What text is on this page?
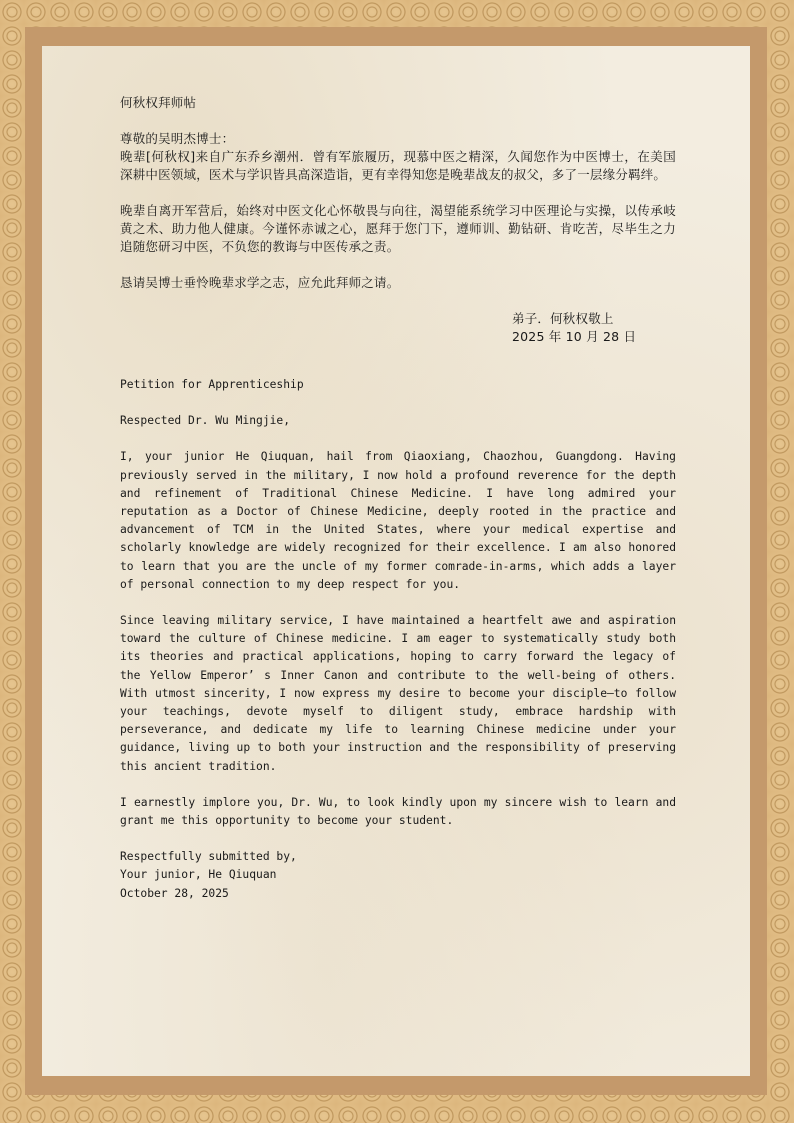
何秋权拜师帖

尊敬的吴明杰博士：

晚辈[何秋权]来自广东乔乡潮州．曾有军旅履历，现慕中医之精深，久闻您作为中医博士，在美国深耕中医领域，医术与学识皆具高深造诣，更有幸得知您是晚辈战友的叔父，多了一层缘分羁绊。

晚辈自离开军营后，始终对中医文化心怀敬畏与向往，渴望能系统学习中医理论与实操，以传承岐黄之术、助力他人健康。今谨怀赤诚之心，愿拜于您门下，遵师训、勤钻研、肯吃苦，尽毕生之力追随您研习中医，不负您的教诲与中医传承之责。

恳请吴博士垂怜晚辈求学之志，应允此拜师之请。

弟子．何秋权敬上

2025 年 10 月 28 日

Petition for Apprenticeship

Respected Dr. Wu Mingjie,

I, your junior He Qiuquan, hail from Qiaoxiang, Chaozhou, Guangdong. Having previously served in the military, I now hold a profound reverence for the depth and refinement of Traditional Chinese Medicine. I have long admired your reputation as a Doctor of Chinese Medicine, deeply rooted in the practice and advancement of TCM in the United States, where your medical expertise and scholarly knowledge are widely recognized for their excellence. I am also honored to learn that you are the uncle of my former comrade-in-arms, which adds a layer of personal connection to my deep respect for you.

Since leaving military service, I have maintained a heartfelt awe and aspiration toward the culture of Chinese medicine. I am eager to systematically study both its theories and practical applications, hoping to carry forward the legacy of the Yellow Emperor’ s Inner Canon and contribute to the well-being of others. With utmost sincerity, I now express my desire to become your disciple—to follow your teachings, devote myself to diligent study, embrace hardship with perseverance, and dedicate my life to learning Chinese medicine under your guidance, living up to both your instruction and the responsibility of preserving this ancient tradition.

I earnestly implore you, Dr. Wu, to look kindly upon my sincere wish to learn and grant me this opportunity to become your student.

Respectfully submitted by,
Your junior, He Qiuquan
October 28, 2025
